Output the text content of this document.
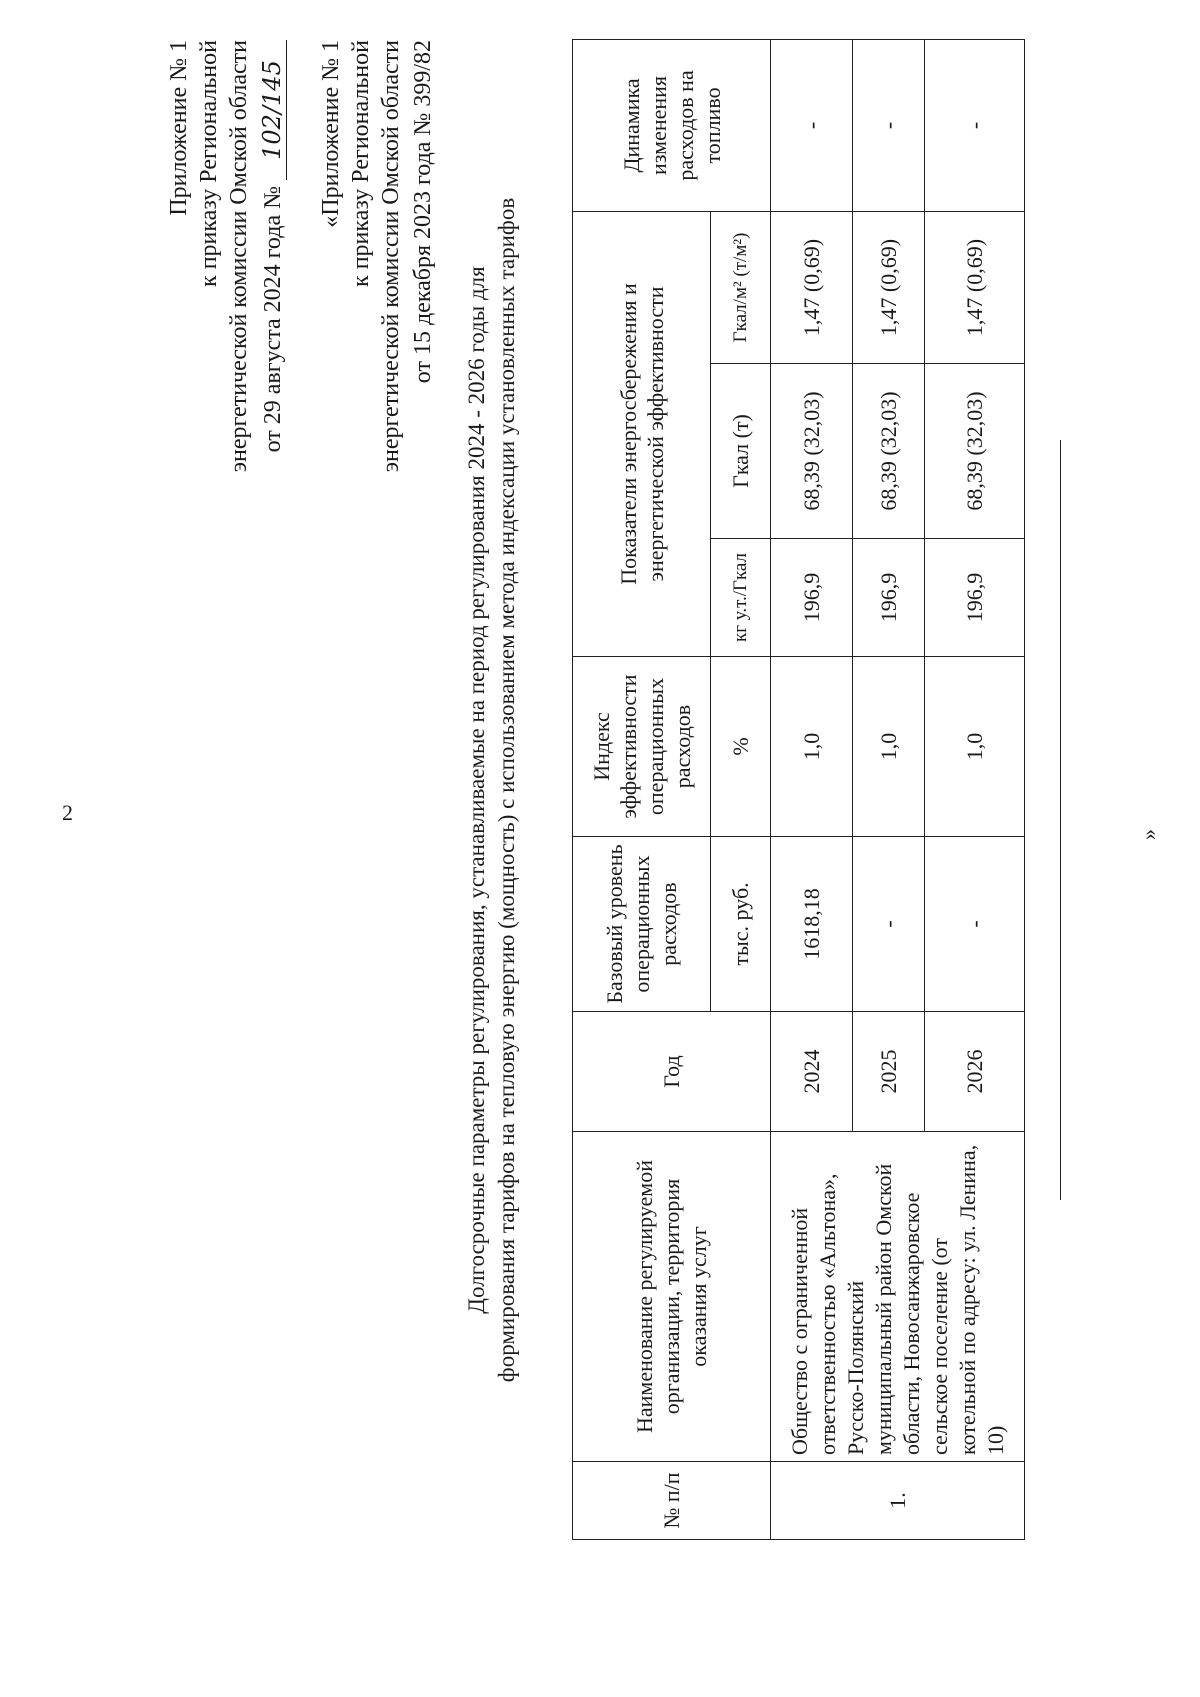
2
Приложение № 1 к приказу Региональной энергетической комиссии Омской области от 29 августа 2024 года № 102/145 «Приложение № 1 к приказу Региональной энергетической комиссии Омской области от 15 декабря 2023 года № 399/82
Долгосрочные параметры регулирования, устанавливаемые на период регулирования 2024 - 2026 годы для формирования тарифов на тепловую энергию (мощность) с использованием метода индексации установленных тарифов
№ п/п	Наименование регулируемой организации, территория оказания услуг	Год	Базовый уровень операционных расходов	Индекс эффективности операционных расходов	Показатели энергосбережения и энергетической эффективности			Динамика изменения расходов на топливо
			тыс. руб.	%	кг у.т./Гкал	Гкал (т)	Гкал/м² (т/м²)	
1.	Общество с ограниченной ответственностью «Альтона», Русско-Полянский муниципальный район Омской области, Новосанжаровское сельское поселение (от котельной по адресу: ул. Ленина, 10)	2024	1618,18	1,0	196,9	68,39 (32,03)	1,47 (0,69)	-
		2025	-	1,0	196,9	68,39 (32,03)	1,47 (0,69)	-
		2026	-	1,0	196,9	68,39 (32,03)	1,47 (0,69)	-
»
